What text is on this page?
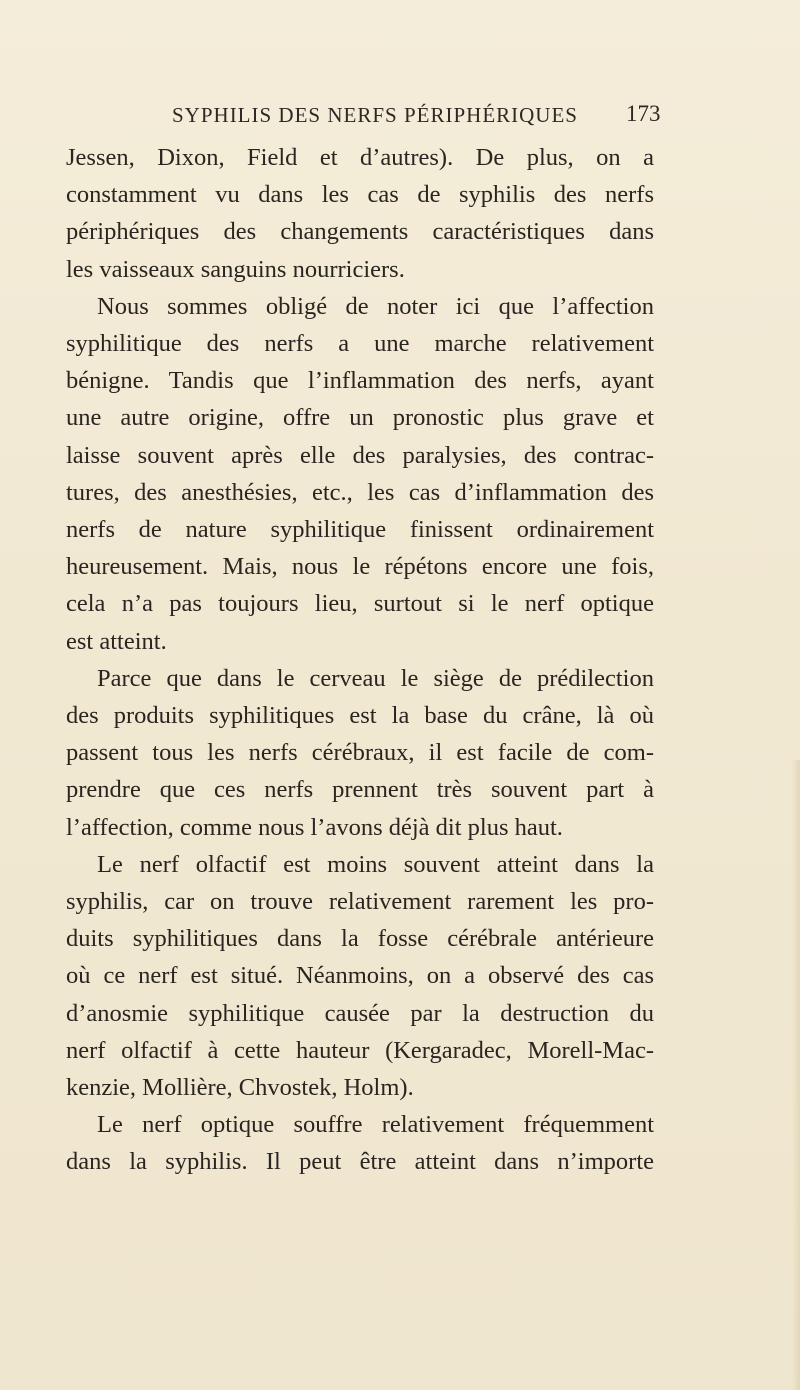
SYPHILIS DES NERFS PÉRIPHÉRIQUES	173
Jessen, Dixon, Field et d’autres). De plus, on a
constamment vu dans les cas de syphilis des nerfs
périphériques des changements caractéristiques dans
les vaisseaux sanguins nourriciers.
Nous sommes obligé de noter ici que l’affection
syphilitique des nerfs a une marche relativement
bénigne. Tandis que l’inflammation des nerfs, ayant
une autre origine, offre un pronostic plus grave et
laisse souvent après elle des paralysies, des contrac-
tures, des anesthésies, etc., les cas d’inflammation des
nerfs de nature syphilitique finissent ordinairement
heureusement. Mais, nous le répétons encore une fois,
cela n’a pas toujours lieu, surtout si le nerf optique
est atteint.
Parce que dans le cerveau le siège de prédilection
des produits syphilitiques est la base du crâne, là où
passent tous les nerfs cérébraux, il est facile de com-
prendre que ces nerfs prennent très souvent part à
l’affection, comme nous l’avons déjà dit plus haut.
Le nerf olfactif est moins souvent atteint dans la
syphilis, car on trouve relativement rarement les pro-
duits syphilitiques dans la fosse cérébrale antérieure
où ce nerf est situé. Néanmoins, on a observé des cas
d’anosmie syphilitique causée par la destruction du
nerf olfactif à cette hauteur (Kergaradec, Morell-Mac-
kenzie, Mollière, Chvostek, Holm).
Le nerf optique souffre relativement fréquemment
dans la syphilis. Il peut être atteint dans n’importe
